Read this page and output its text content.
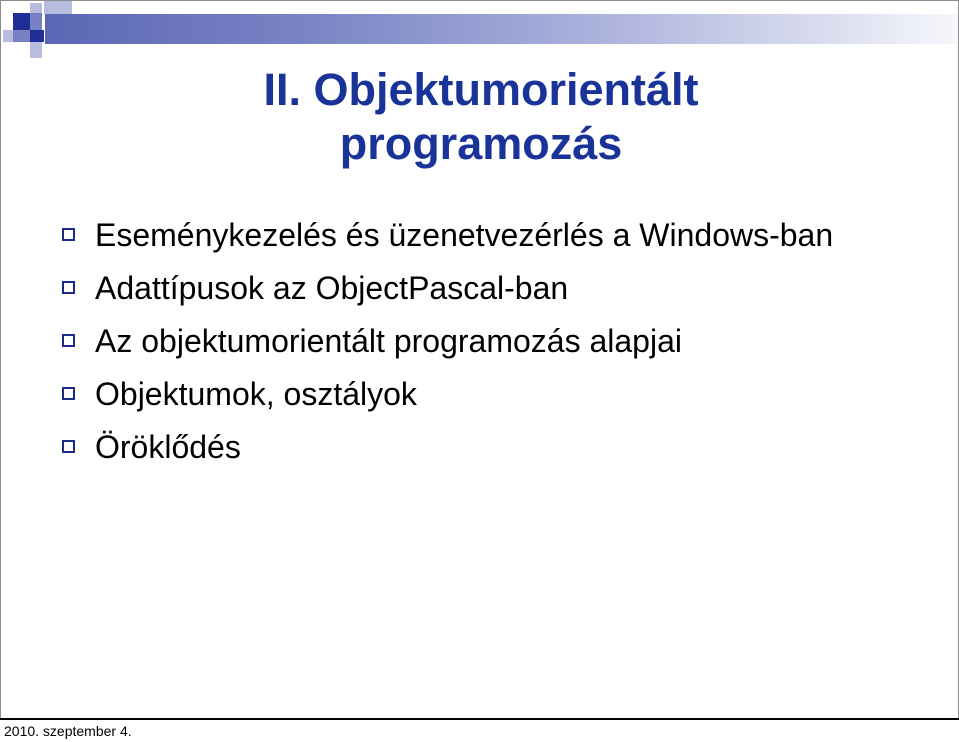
II. Objektumorientált programozás
Eseménykezelés és üzenetvezérlés a Windows-ban
Adattípusok az ObjectPascal-ban
Az objektumorientált programozás alapjai
Objektumok, osztályok
Öröklődés
2010. szeptember 4.
